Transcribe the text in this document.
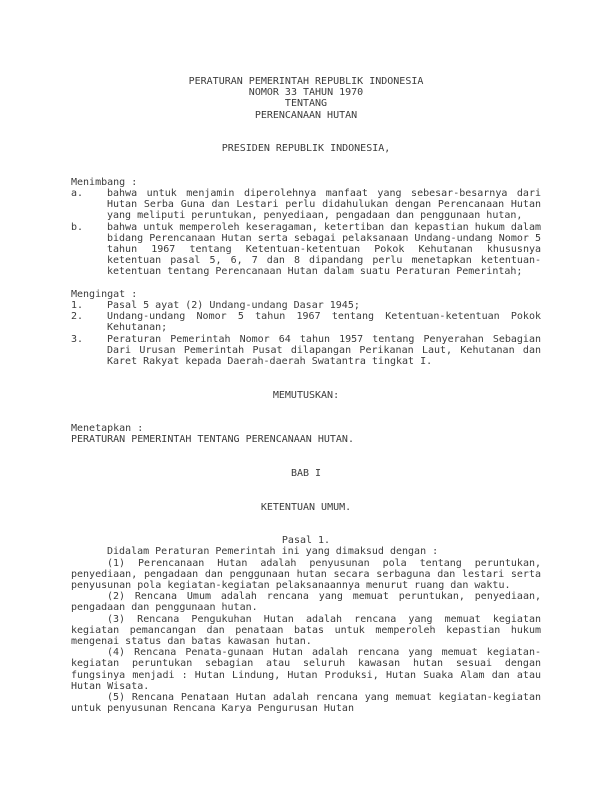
PERATURAN PEMERINTAH REPUBLIK INDONESIA
NOMOR 33 TAHUN 1970
TENTANG
PERENCANAAN HUTAN
PRESIDEN REPUBLIK INDONESIA,
Menimbang :
a.	bahwa untuk menjamin diperolehnya manfaat yang sebesar-besarnya dari Hutan Serba Guna dan Lestari perlu didahulukan dengan Perencanaan Hutan yang meliputi peruntukan, penyediaan, pengadaan dan penggunaan hutan,
b.	bahwa untuk memperoleh keseragaman, ketertiban dan kepastian hukum dalam bidang Perencanaan Hutan serta sebagai pelaksanaan Undang-undang Nomor 5 tahun 1967 tentang Ketentuan-ketentuan Pokok Kehutanan khususnya ketentuan pasal 5, 6, 7 dan 8 dipandang perlu menetapkan ketentuan-ketentuan tentang Perencanaan Hutan dalam suatu Peraturan Pemerintah;
Mengingat :
1.	Pasal 5 ayat (2) Undang-undang Dasar 1945;
2.	Undang-undang Nomor 5 tahun 1967 tentang Ketentuan-ketentuan Pokok Kehutanan;
3.	Peraturan Pemerintah Nomor 64 tahun 1957 tentang Penyerahan Sebagian Dari Urusan Pemerintah Pusat dilapangan Perikanan Laut, Kehutanan dan Karet Rakyat kepada Daerah-daerah Swatantra tingkat I.
MEMUTUSKAN:
Menetapkan :
PERATURAN PEMERINTAH TENTANG PERENCANAAN HUTAN.
BAB I
KETENTUAN UMUM.
Pasal 1.
Didalam Peraturan Pemerintah ini yang dimaksud dengan :
(1) Perencanaan Hutan adalah penyusunan pola tentang peruntukan, penyediaan, pengadaan dan penggunaan hutan secara serbaguna dan lestari serta penyusunan pola kegiatan-kegiatan pelaksanaannya menurut ruang dan waktu.
(2) Rencana Umum adalah rencana yang memuat peruntukan, penyediaan, pengadaan dan penggunaan hutan.
(3) Rencana Pengukuhan Hutan adalah rencana yang memuat kegiatan kegiatan pemancangan dan penataan batas untuk memperoleh kepastian hukum mengenai status dan batas kawasan hutan.
(4) Rencana Penata-gunaan Hutan adalah rencana yang memuat kegiatan-kegiatan peruntukan sebagian atau seluruh kawasan hutan sesuai dengan fungsinya menjadi : Hutan Lindung, Hutan Produksi, Hutan Suaka Alam dan atau Hutan Wisata.
(5) Rencana Penataan Hutan adalah rencana yang memuat kegiatan-kegiatan untuk penyusunan Rencana Karya Pengurusan Hutan
